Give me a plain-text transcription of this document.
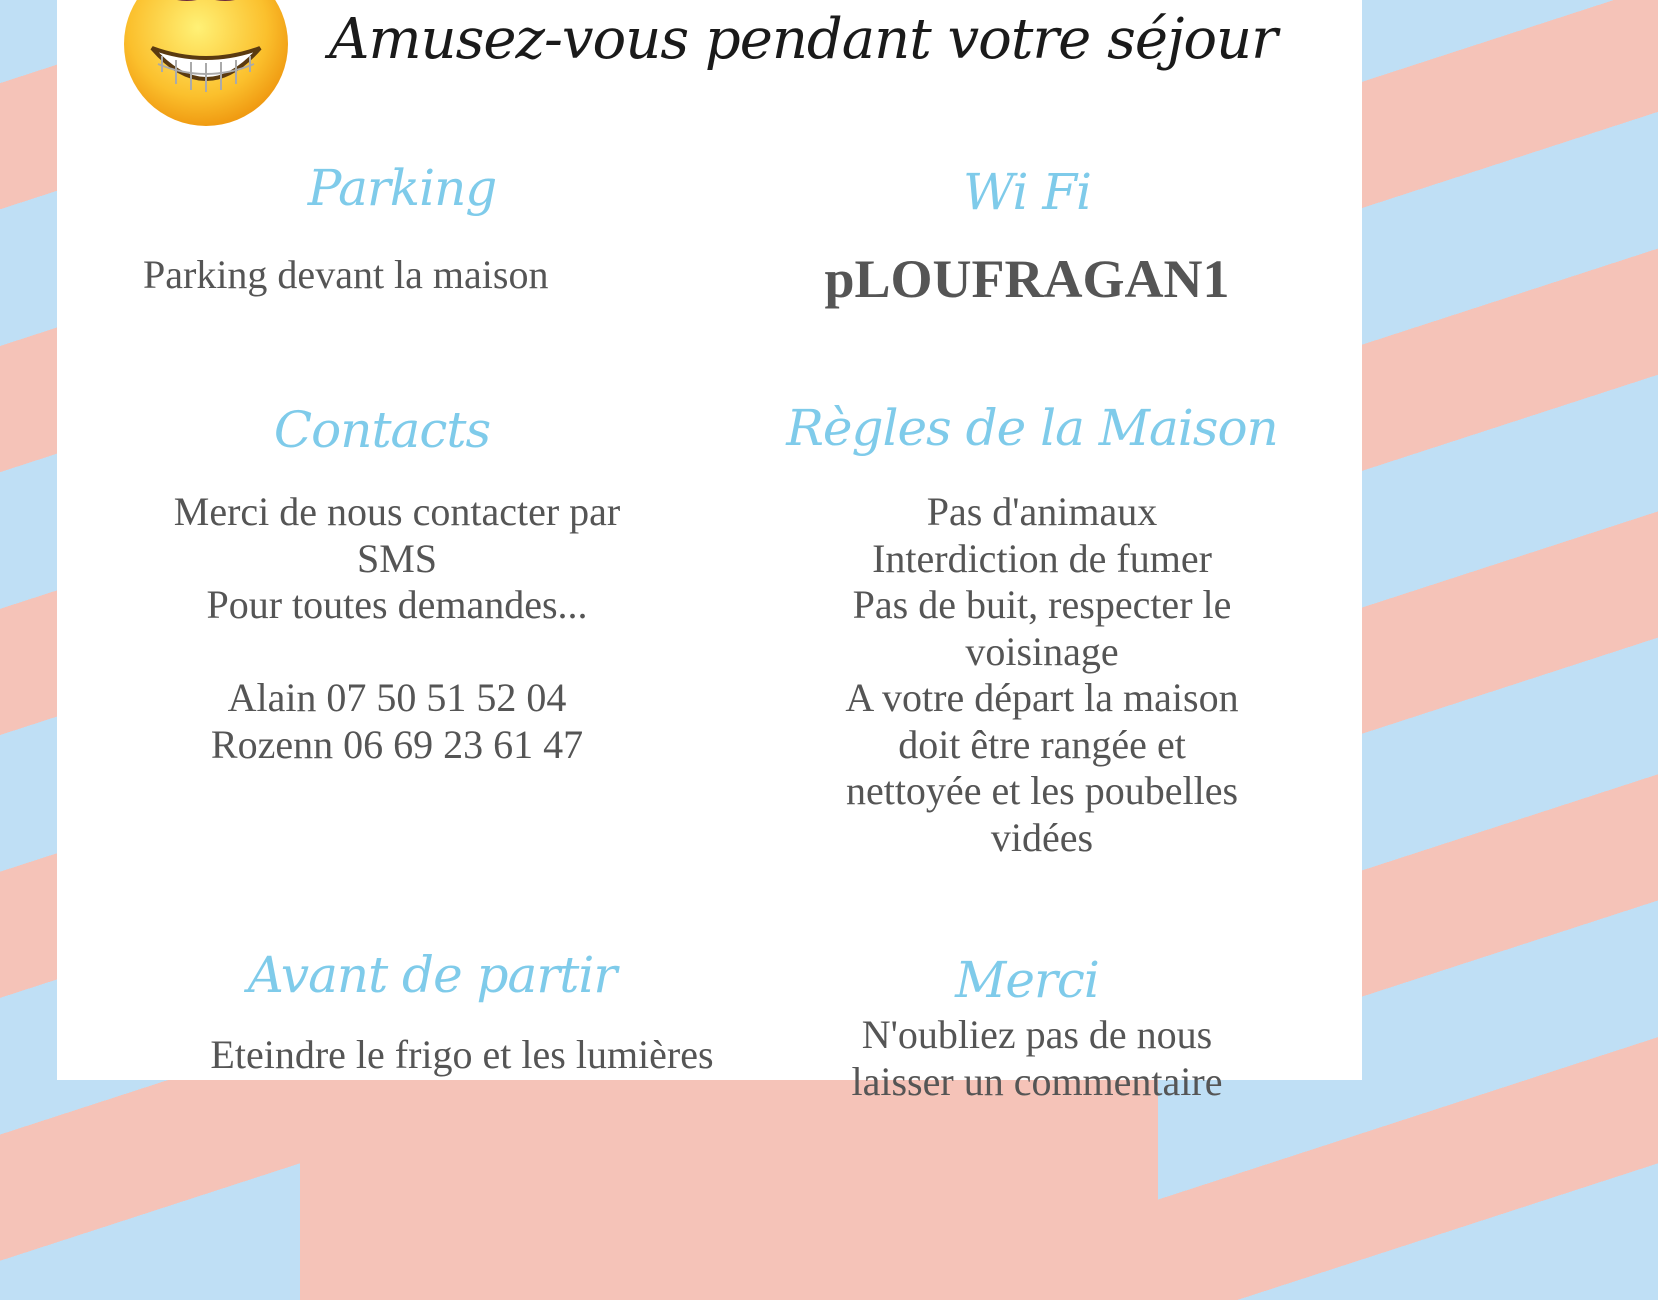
Amusez-vous pendant votre séjour
Parking
Parking devant la maison
Wi Fi
pLOUFRAGAN1
Contacts
Merci de nous contacter par
SMS
Pour toutes demandes...

Alain 07 50 51 52 04
Rozenn 06 69 23 61 47
Règles de la Maison
Pas d'animaux
Interdiction de fumer
Pas de buit, respecter le
voisinage
A votre départ la maison
doit être rangée et
nettoyée et les poubelles
vidées
Avant de partir
Eteindre le frigo et les lumières
Merci
N'oubliez pas de nous
laisser un commentaire
